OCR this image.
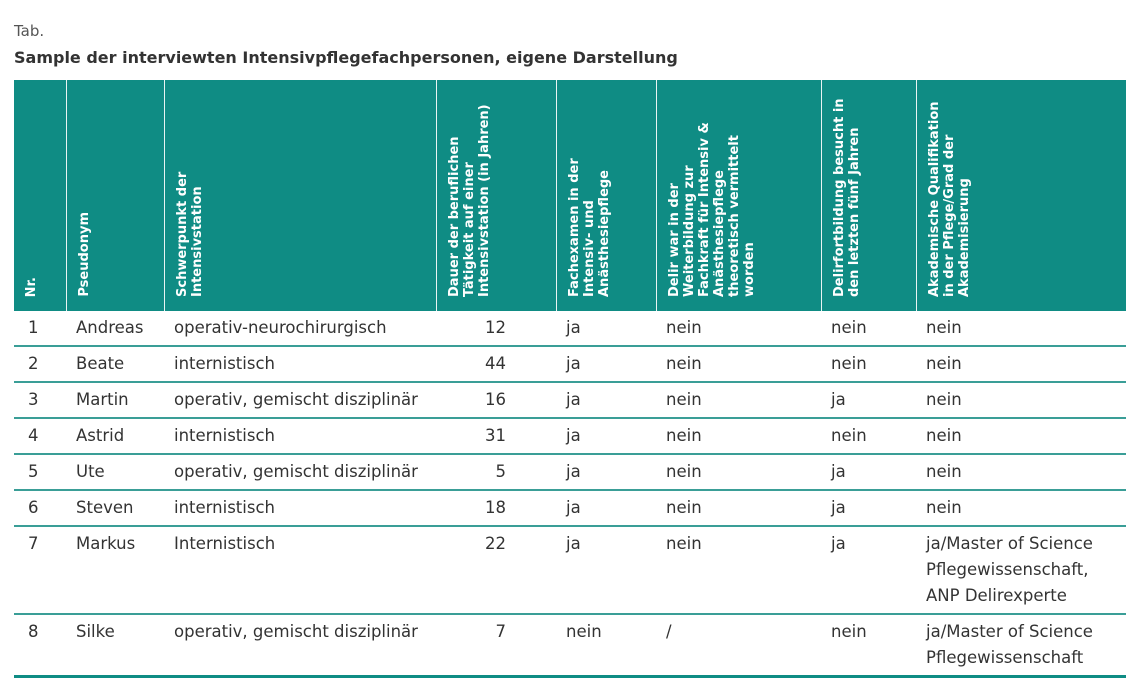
Tab.
Sample der interviewten Intensivpflegefachpersonen, eigene Darstellung
Nr.	Pseudonym	Schwerpunkt der Intensivstation	Dauer der beruflichen Tätigkeit auf einer Intensivstation (in Jahren)	Fachexamen in der Intensiv- und Anästhesiepflege	Delir war in der Weiterbildung zur Fachkraft für Intensiv & Anästhesiepflege theoretisch vermittelt worden	Delirfortbildung besucht in den letzten fünf Jahren	Akademische Qualifikation in der Pflege/Grad der Akademisierung

1	Andreas	operativ-neurochirurgisch	12	ja	nein	nein	nein
2	Beate	internistisch	44	ja	nein	nein	nein
3	Martin	operativ, gemischt disziplinär	16	ja	nein	ja	nein
4	Astrid	internistisch	31	ja	nein	nein	nein
5	Ute	operativ, gemischt disziplinär	5	ja	nein	ja	nein
6	Steven	internistisch	18	ja	nein	ja	nein
7	Markus	Internistisch	22	ja	nein	ja	ja/Master of Science Pflegewissenschaft, ANP Delirexperte
8	Silke	operativ, gemischt disziplinär	7	nein	/	nein	ja/Master of Science Pflegewissenschaft
